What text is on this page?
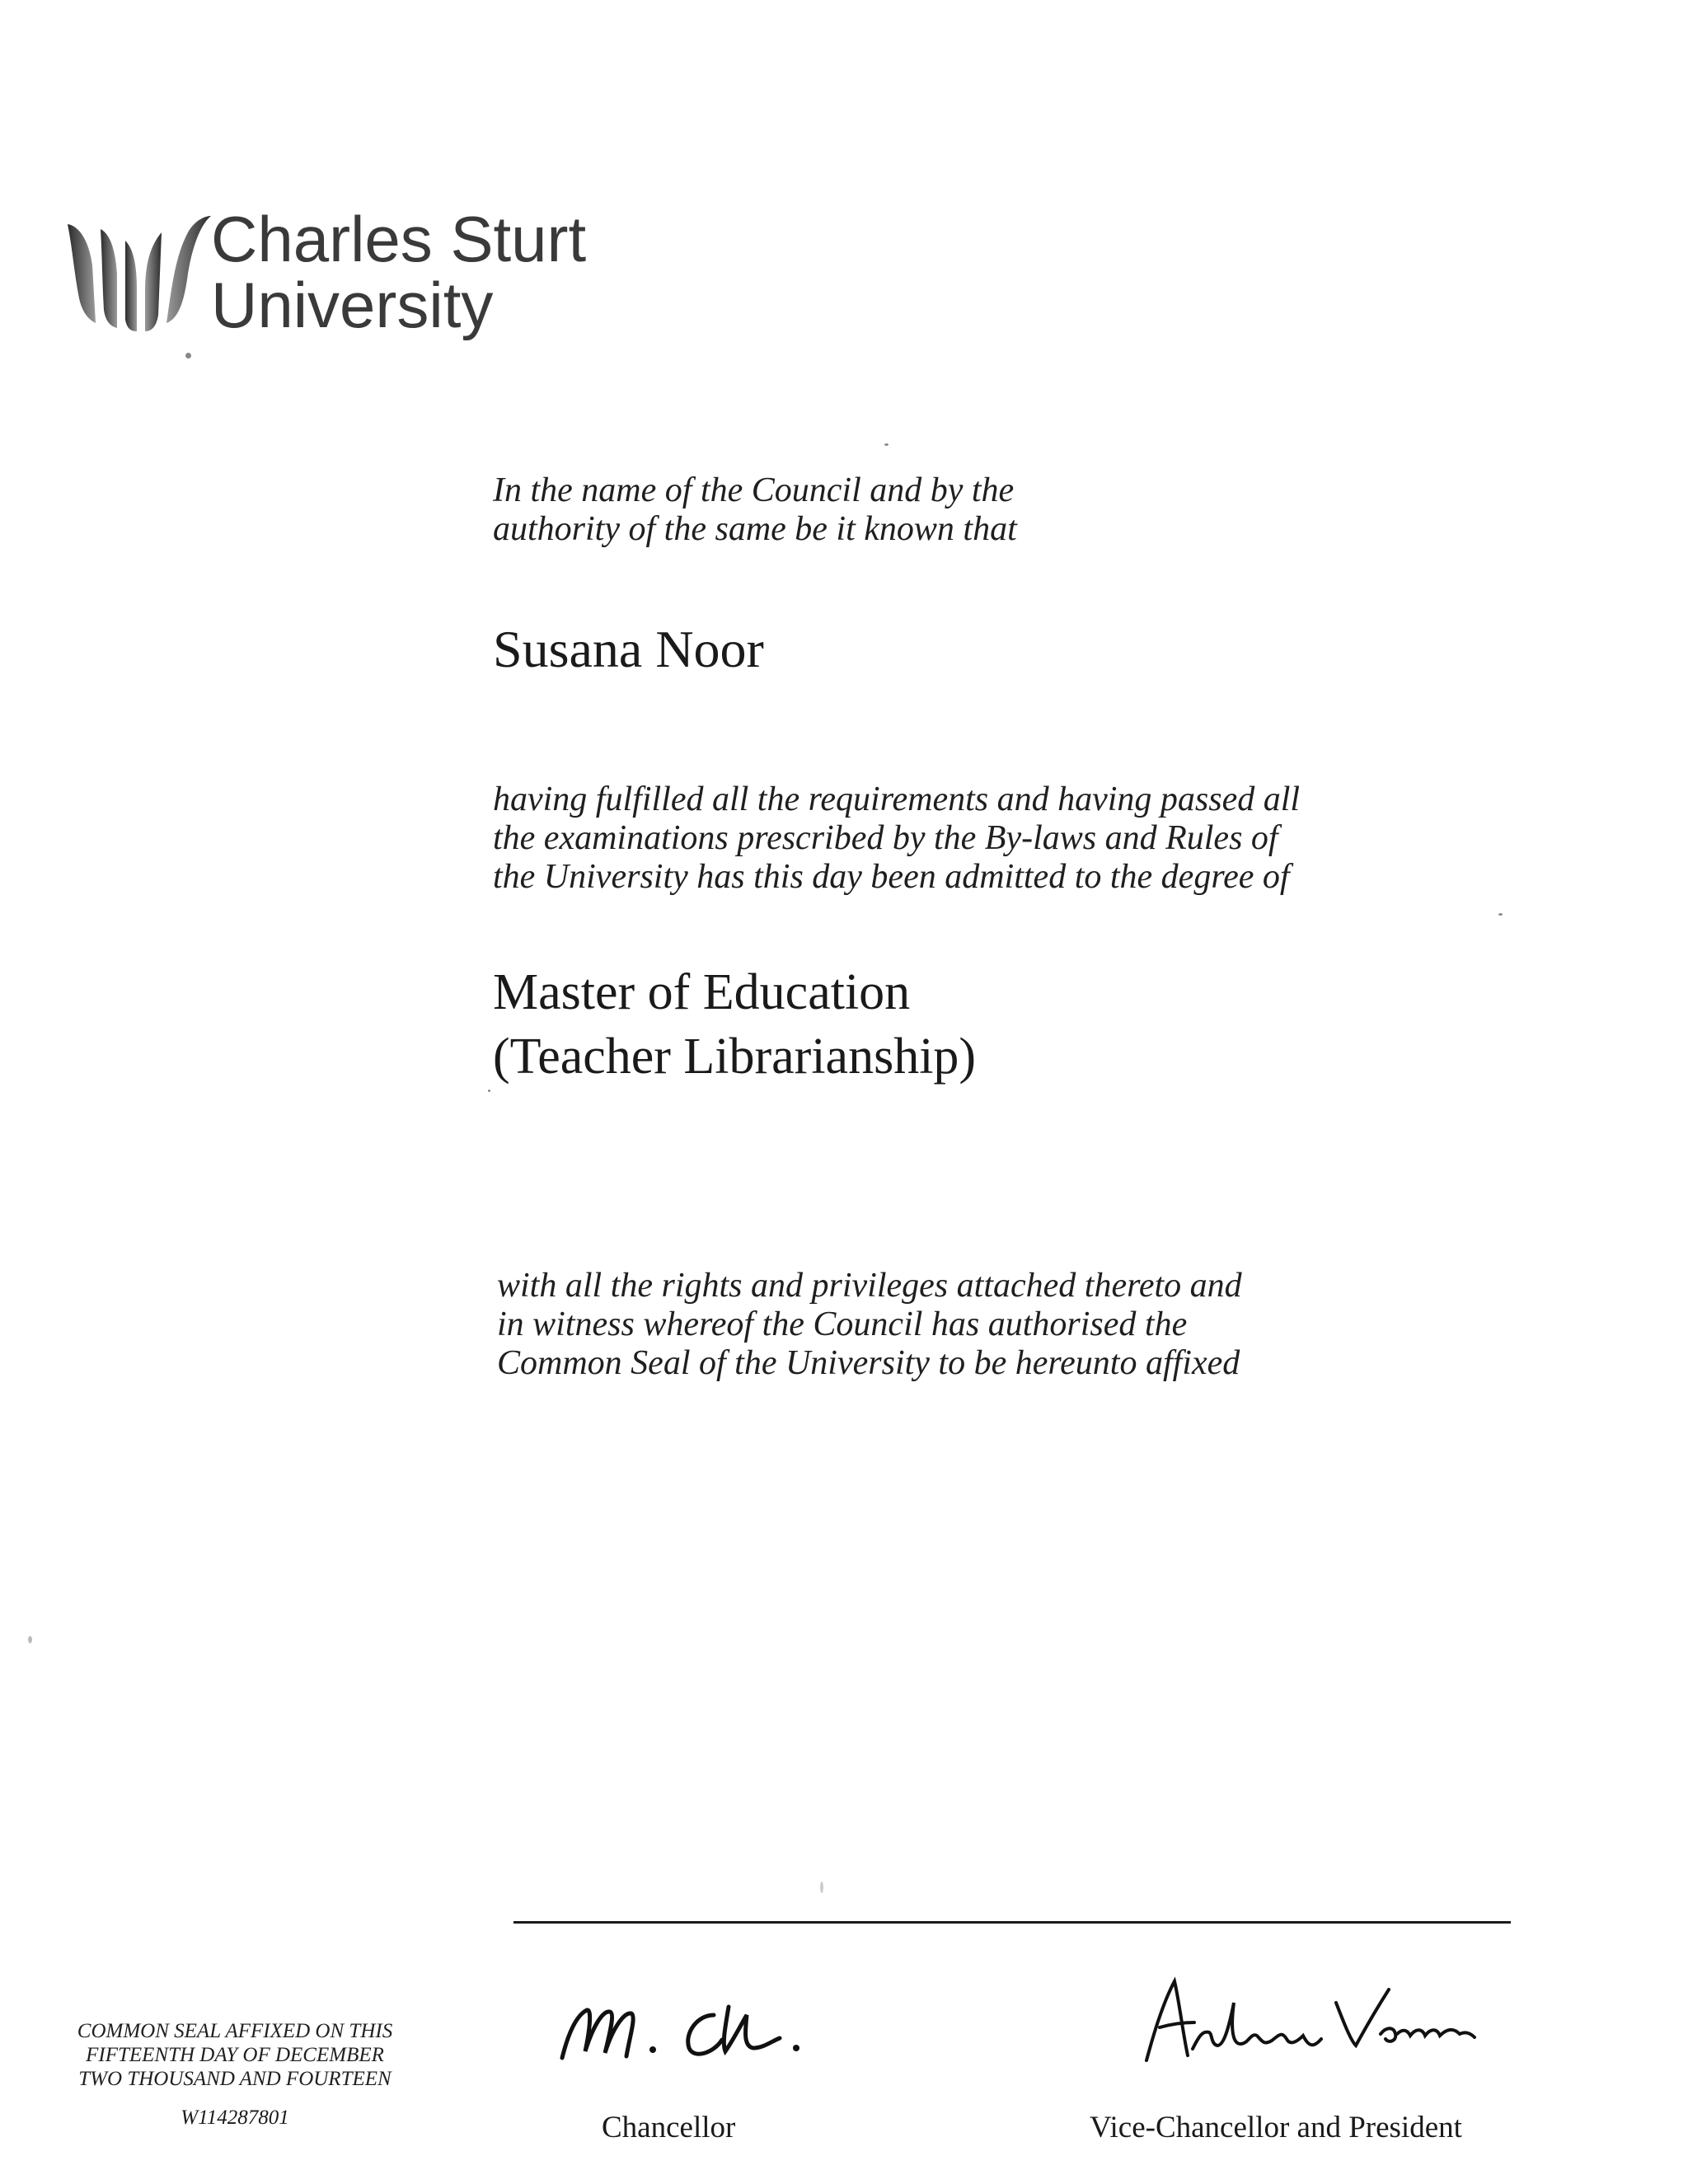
Charles Sturt
University
In the name of the Council and by the
authority of the same be it known that
Susana Noor
having fulfilled all the requirements and having passed all
the examinations prescribed by the By-laws and Rules of
the University has this day been admitted to the degree of
Master of Education
(Teacher Librarianship)
with all the rights and privileges attached thereto and
in witness whereof the Council has authorised the
Common Seal of the University to be hereunto affixed
COMMON SEAL AFFIXED ON THIS
FIFTEENTH DAY OF DECEMBER
TWO THOUSAND AND FOURTEEN
W114287801	Chancellor	Vice-Chancellor and President
